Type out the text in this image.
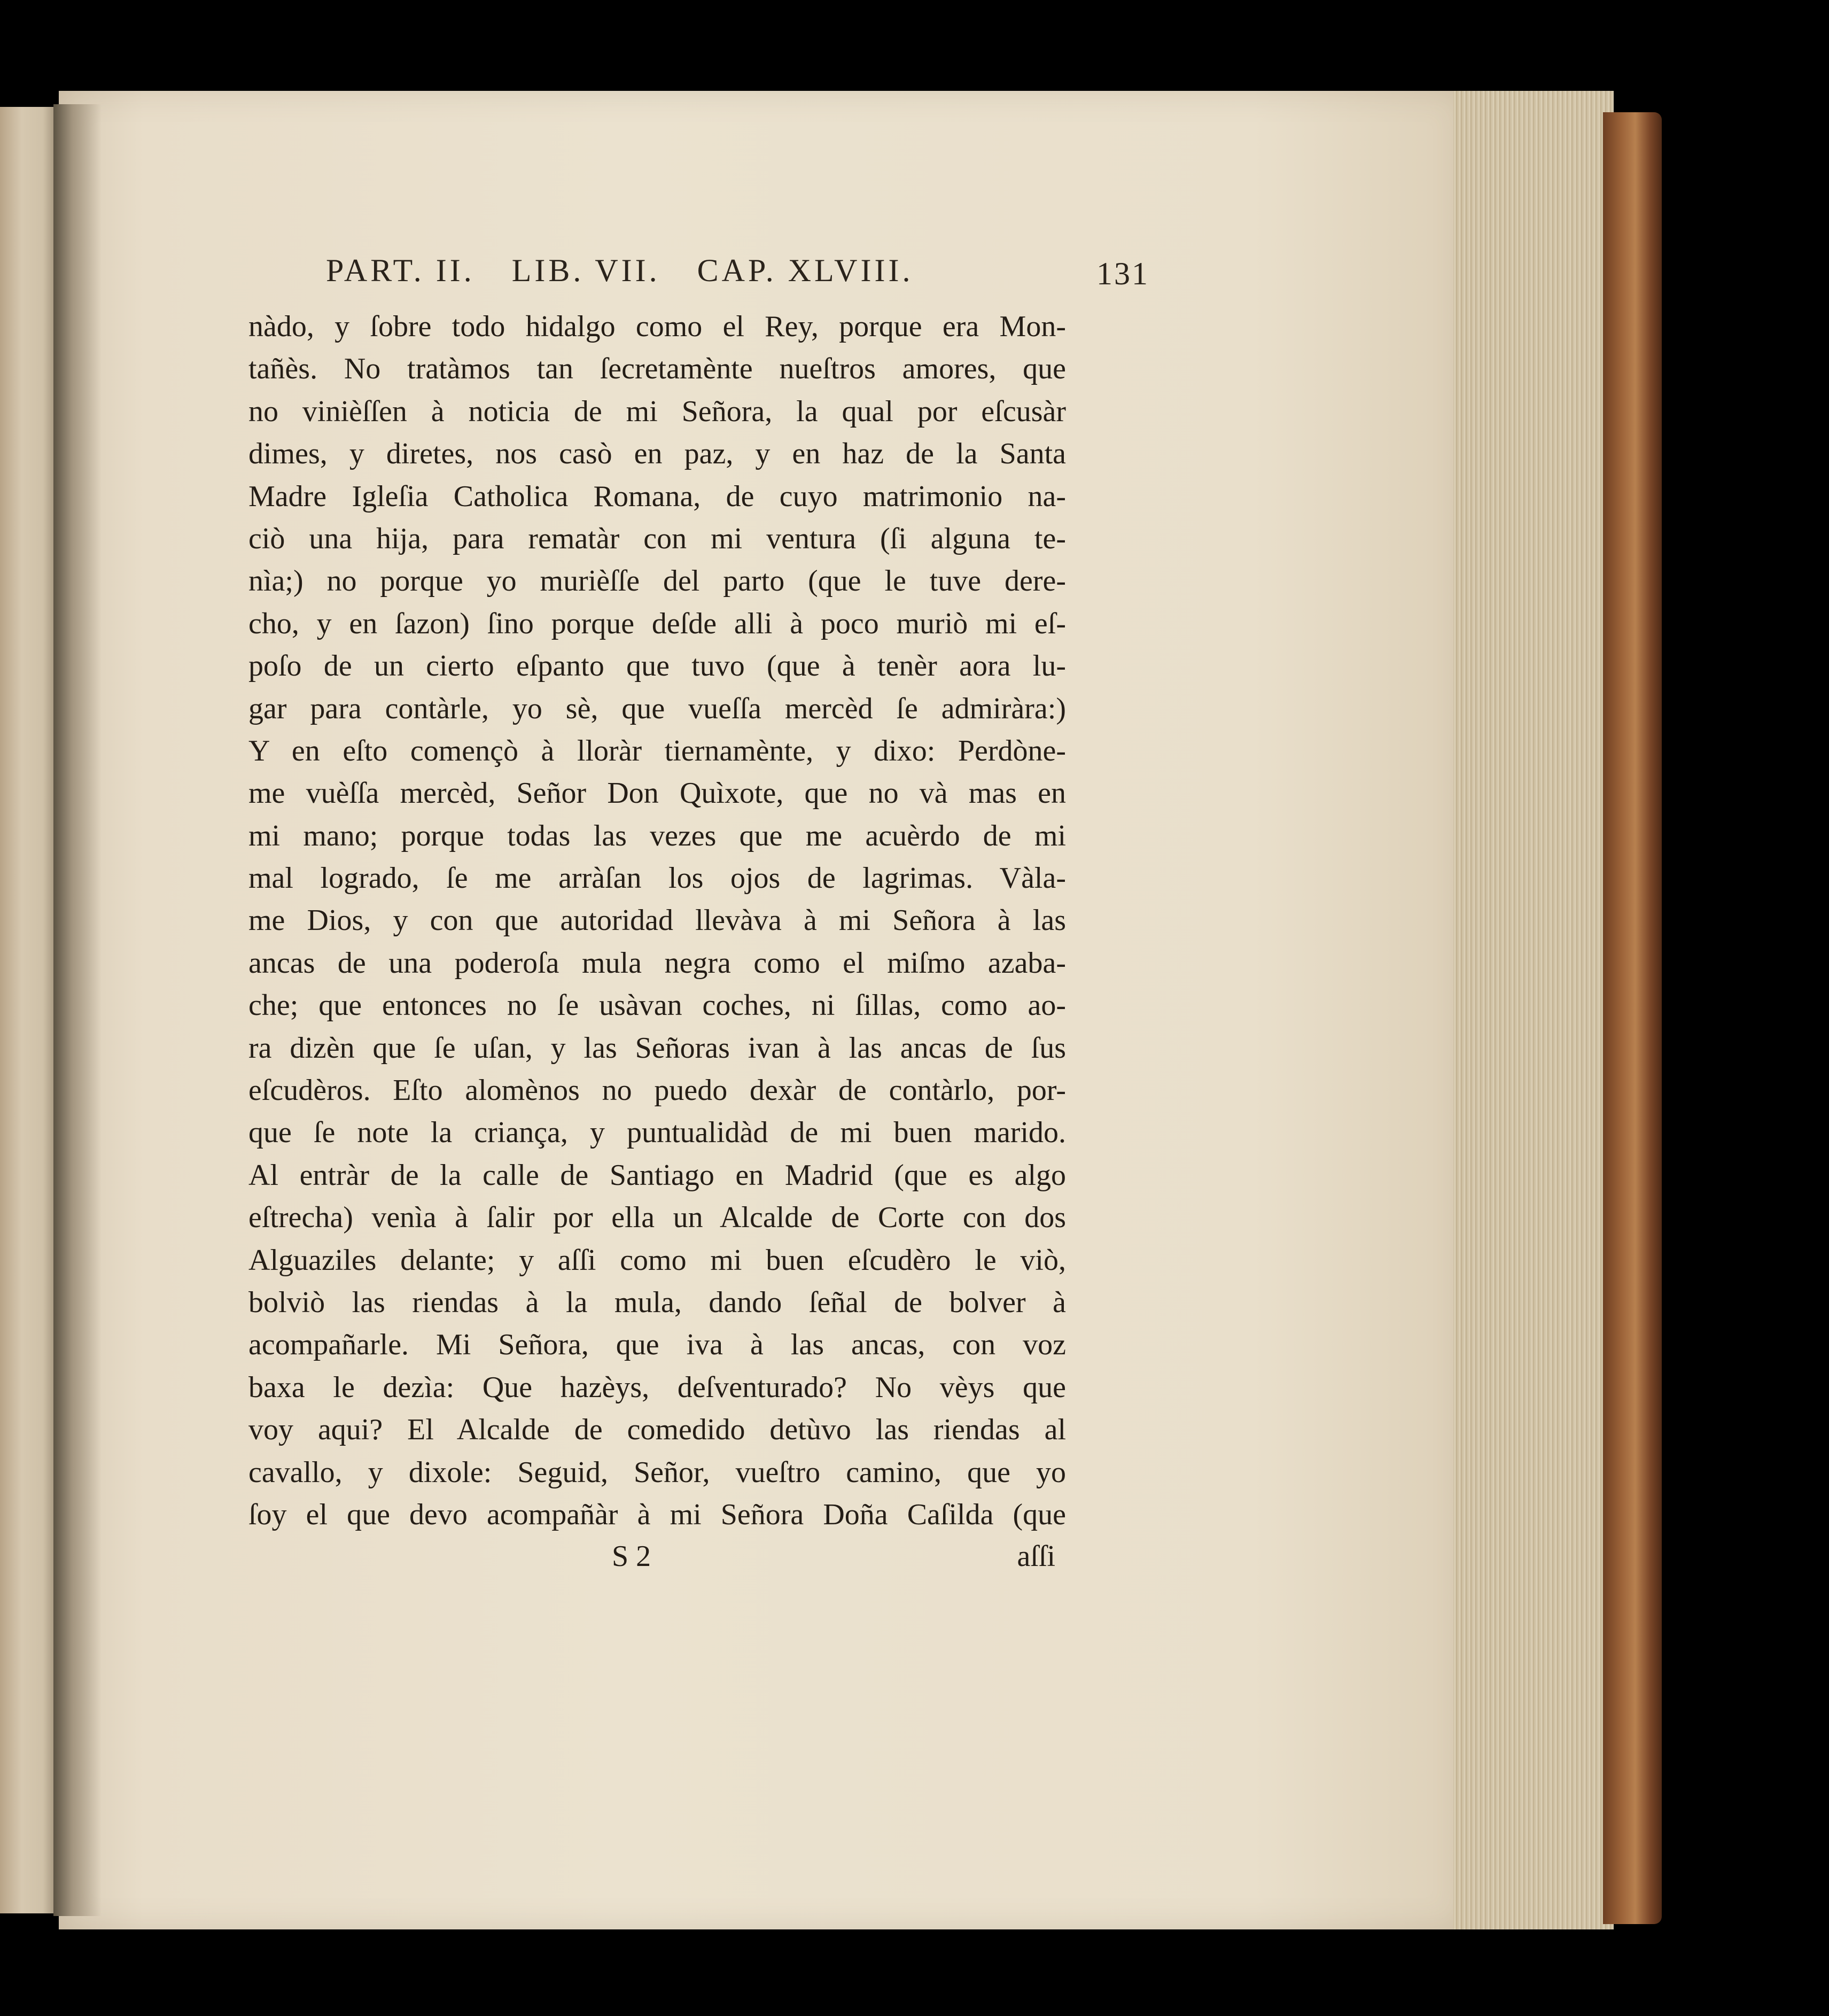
PART. II. LIB. VII. CAP. XLVIII.	131
nàdo, y ſobre todo hidalgo como el Rey, porque era Mon-
tañès. No tratàmos tan ſecretamènte nueſtros amores, que
no vinièſſen à noticia de mi Señora, la qual por eſcusàr
dimes, y diretes, nos casò en paz, y en haz de la Santa
Madre Igleſia Catholica Romana, de cuyo matrimonio na-
ciò una hija, para rematàr con mi ventura (ſi alguna te-
nìa;) no porque yo murièſſe del parto (que le tuve dere-
cho, y en ſazon) ſino porque deſde alli à poco muriò mi eſ-
poſo de un cierto eſpanto que tuvo (que à tenèr aora lu-
gar para contàrle, yo sè, que vueſſa mercèd ſe admiràra:)
Y en eſto començò à lloràr tiernamènte, y dixo: Perdòne-
me vuèſſa mercèd, Señor Don Quìxote, que no và mas en
mi mano; porque todas las vezes que me acuèrdo de mi
mal logrado, ſe me arràſan los ojos de lagrimas. Vàla-
me Dios, y con que autoridad llevàva à mi Señora à las
ancas de una poderoſa mula negra como el miſmo azaba-
che; que entonces no ſe usàvan coches, ni ſillas, como ao-
ra dizèn que ſe uſan, y las Señoras ivan à las ancas de ſus
eſcudèros. Eſto alomènos no puedo dexàr de contàrlo, por-
que ſe note la criança, y puntualidàd de mi buen marido.
Al entràr de la calle de Santiago en Madrid (que es algo
eſtrecha) venìa à ſalir por ella un Alcalde de Corte con dos
Alguaziles delante; y aſſi como mi buen eſcudèro le viò,
bolviò las riendas à la mula, dando ſeñal de bolver à
acompañarle. Mi Señora, que iva à las ancas, con voz
baxa le dezìa: Que hazèys, deſventurado? No vèys que
voy aqui? El Alcalde de comedido detùvo las riendas al
cavallo, y dixole: Seguid, Señor, vueſtro camino, que yo
ſoy el que devo acompañàr à mi Señora Doña Caſilda (que
S 2	aſſi
